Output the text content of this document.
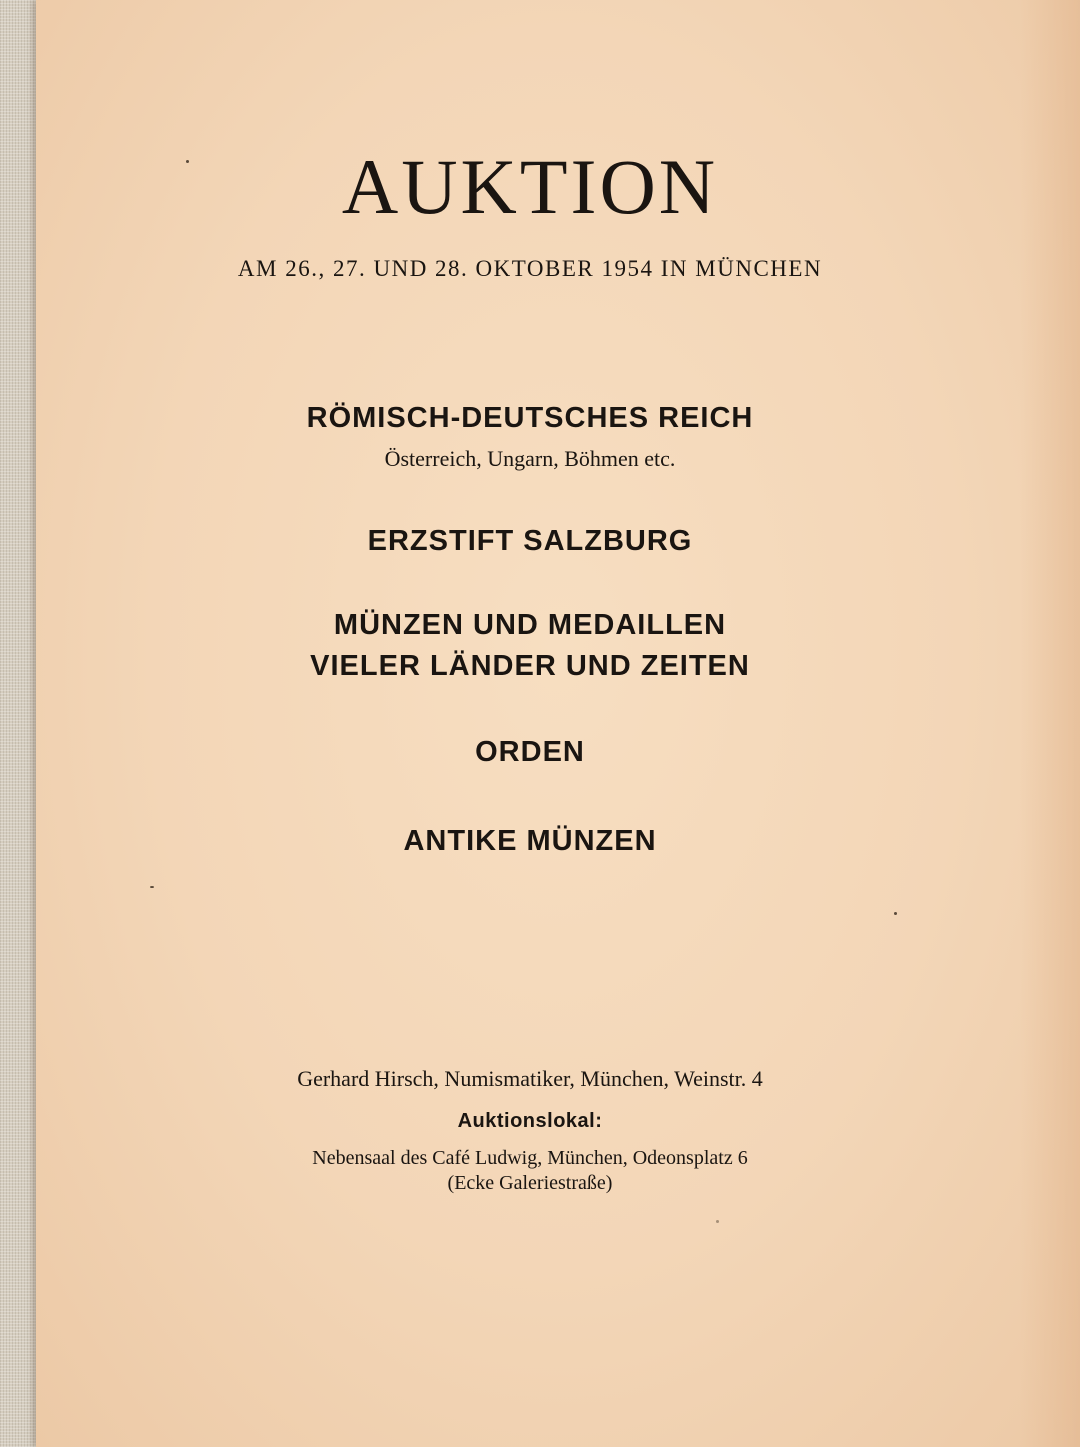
AUKTION
AM 26., 27. UND 28. OKTOBER 1954 IN MÜNCHEN
RÖMISCH-DEUTSCHES REICH
Österreich, Ungarn, Böhmen etc.
ERZSTIFT SALZBURG
MÜNZEN UND MEDAILLEN
VIELER LÄNDER UND ZEITEN
ORDEN
ANTIKE MÜNZEN
Gerhard Hirsch, Numismatiker, München, Weinstr. 4
Auktionslokal:
Nebensaal des Café Ludwig, München, Odeonsplatz 6
(Ecke Galeriestraße)
